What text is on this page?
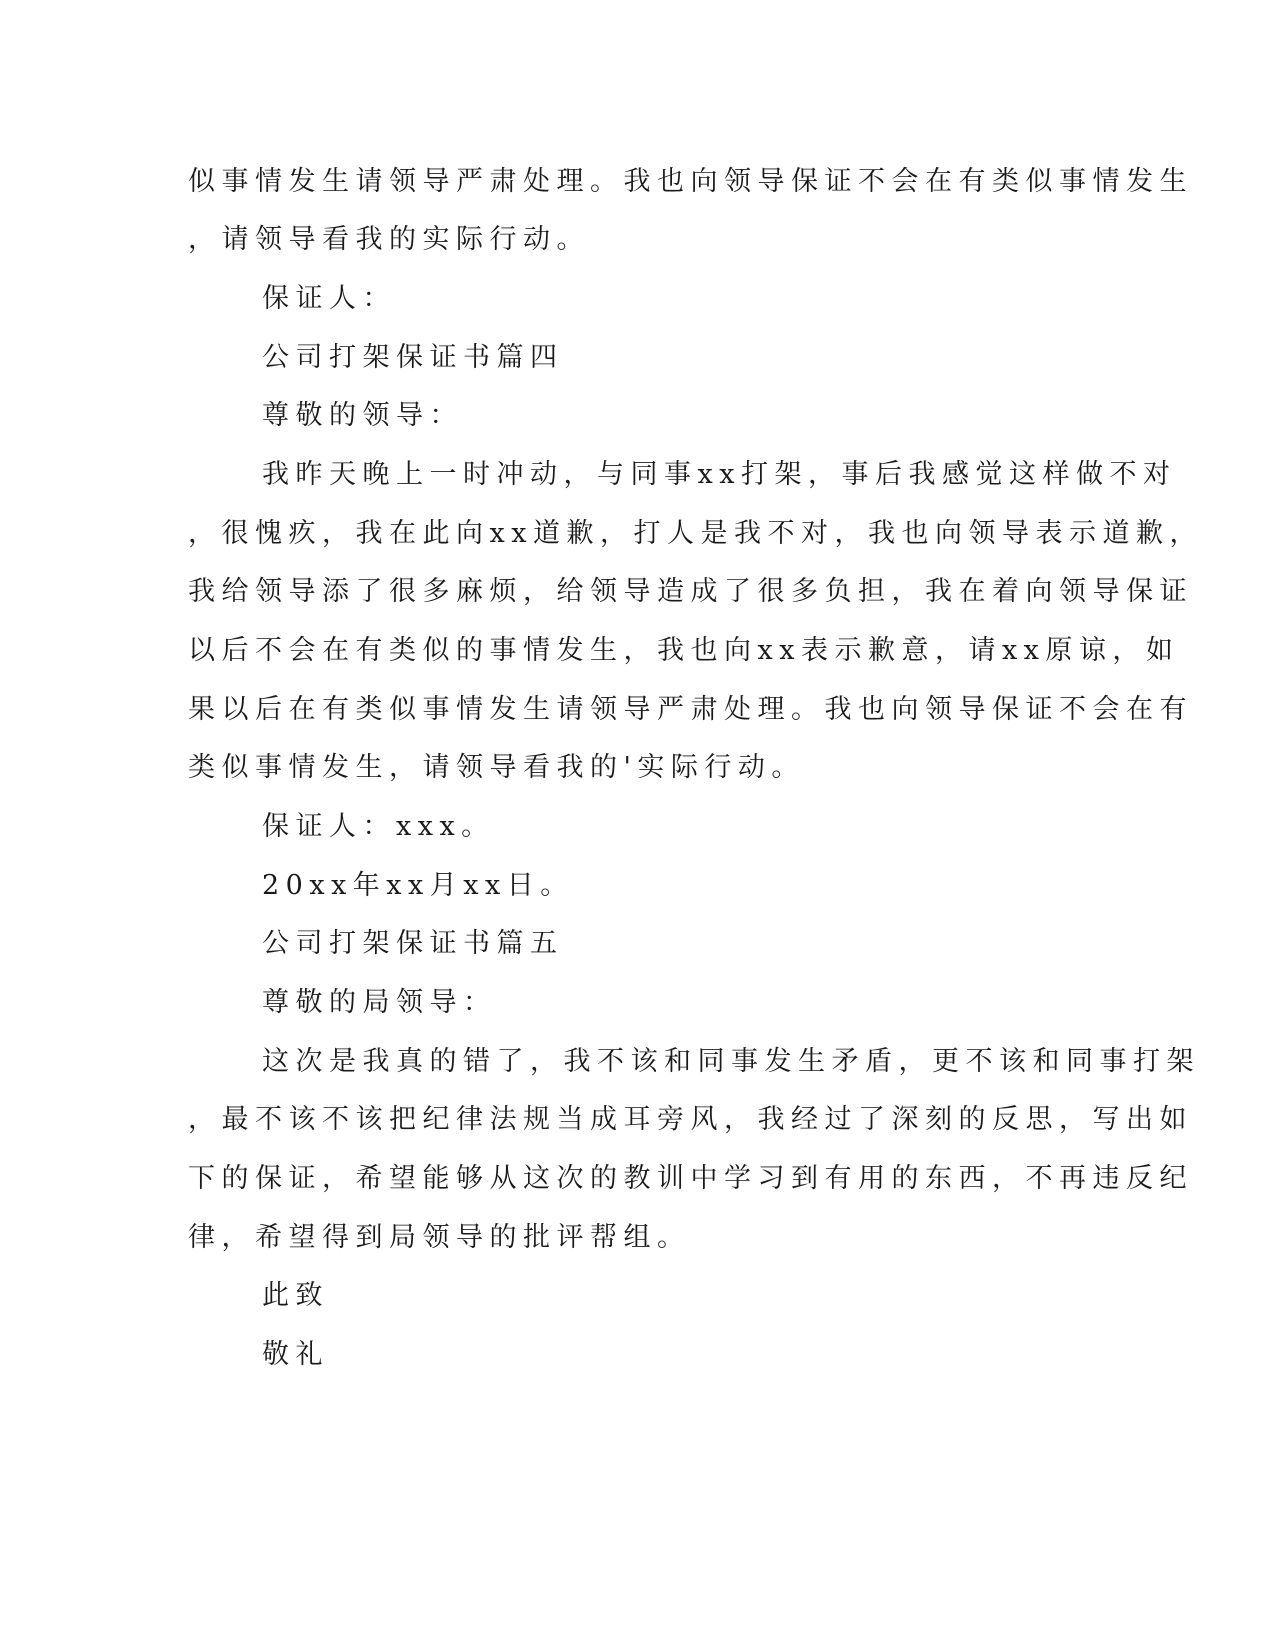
似事情发生请领导严肃处理。我也向领导保证不会在有类似事情发生
，请领导看我的实际行动。
保证人：
公司打架保证书篇四
尊敬的领导：
我昨天晚上一时冲动，与同事xx打架，事后我感觉这样做不对
，很愧疚，我在此向xx道歉，打人是我不对，我也向领导表示道歉，
我给领导添了很多麻烦，给领导造成了很多负担，我在着向领导保证
以后不会在有类似的事情发生，我也向xx表示歉意，请xx原谅，如
果以后在有类似事情发生请领导严肃处理。我也向领导保证不会在有
类似事情发生，请领导看我的'实际行动。
保证人：xxx。
20xx年xx月xx日。
公司打架保证书篇五
尊敬的局领导：
这次是我真的错了，我不该和同事发生矛盾，更不该和同事打架
，最不该不该把纪律法规当成耳旁风，我经过了深刻的反思，写出如
下的保证，希望能够从这次的教训中学习到有用的东西，不再违反纪
律，希望得到局领导的批评帮组。
此致
敬礼
